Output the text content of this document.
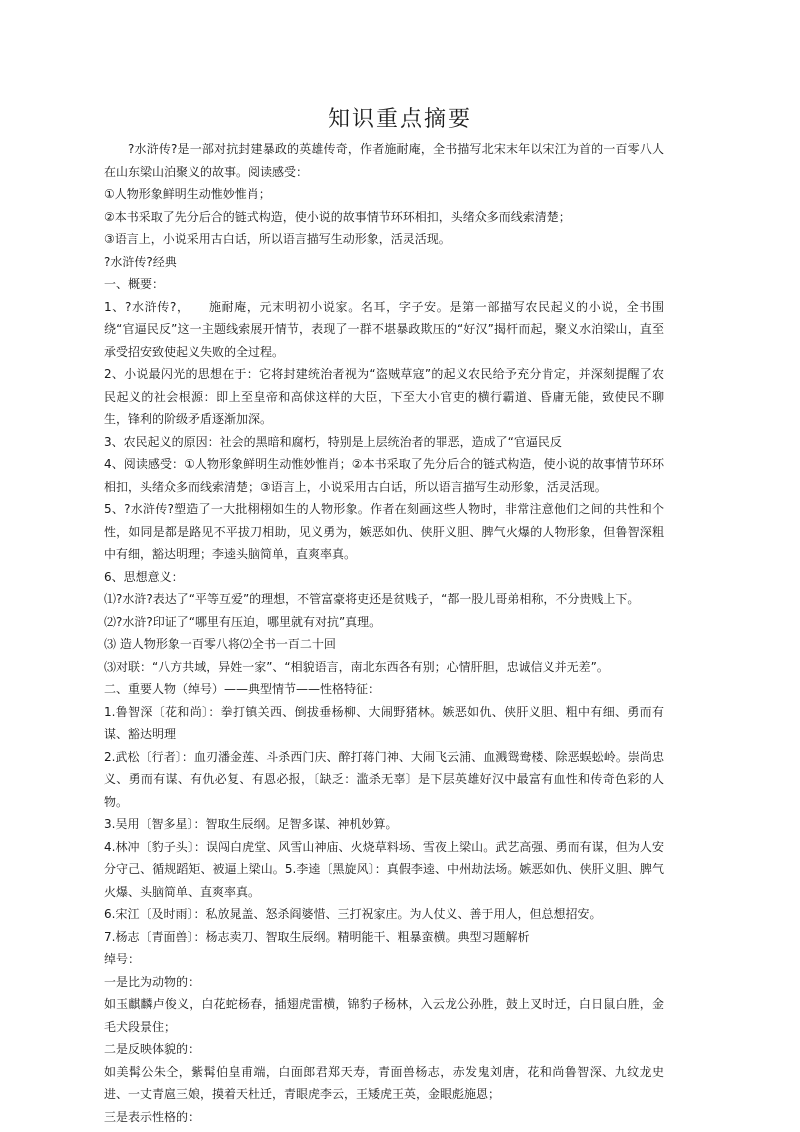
知识重点摘要

?水浒传?是一部对抗封建暴政的英雄传奇，作者施耐庵，全书描写北宋末年以宋江为首的一百零八人在山东梁山泊聚义的故事。阅读感受：

①人物形象鲜明生动惟妙惟肖；

②本书采取了先分后合的链式构造，使小说的故事情节环环相扣，头绪众多而线索清楚；

③语言上，小说采用古白话，所以语言描写生动形象，活灵活现。

?水浒传?经典

一、概要：

1、?水浒传?，　　施耐庵，元末明初小说家。名耳，字子安。是第一部描写农民起义的小说，全书围绕“官逼民反”这一主题线索展开情节，表现了一群不堪暴政欺压的“好汉”揭杆而起，聚义水泊梁山，直至承受招安致使起义失败的全过程。

2、小说最闪光的思想在于：它将封建统治者视为“盗贼草寇”的起义农民给予充分肯定，并深刻提醒了农民起义的社会根源：即上至皇帝和高俅这样的大臣，下至大小官吏的横行霸道、昏庸无能，致使民不聊生，锋利的阶级矛盾逐渐加深。

3、农民起义的原因：社会的黑暗和腐朽，特别是上层统治者的罪恶，造成了“官逼民反

4、阅读感受：①人物形象鲜明生动惟妙惟肖；②本书采取了先分后合的链式构造，使小说的故事情节环环相扣，头绪众多而线索清楚；③语言上，小说采用古白话，所以语言描写生动形象，活灵活现。

5、?水浒传?塑造了一大批栩栩如生的人物形象。作者在刻画这些人物时，非常注意他们之间的共性和个性，如同是都是路见不平拔刀相助，见义勇为，嫉恶如仇、侠肝义胆、脾气火爆的人物形象，但鲁智深粗中有细，豁达明理；李逵头脑简单，直爽率真。

6、思想意义：

⑴?水浒?表达了“平等互爱”的理想，不管富豪将吏还是贫贱子，“都一股儿哥弟相称，不分贵贱上下。

⑵?水浒?印证了“哪里有压迫，哪里就有对抗”真理。

⑶ 造人物形象一百零八将⑵全书一百二十回

⑶对联：“八方共域，异姓一家”、“相貌语言，南北东西各有别；心情肝胆，忠诚信义并无差”。

二、重要人物（绰号）——典型情节——性格特征：

1.鲁智深〔花和尚〕：拳打镇关西、倒拔垂杨柳、大闹野猪林。嫉恶如仇、侠肝义胆、粗中有细、勇而有谋、豁达明理

2.武松〔行者〕：血刃潘金莲、斗杀西门庆、醉打蒋门神、大闹飞云浦、血溅鸳鸯楼、除恶蜈蚣岭。崇尚忠义、勇而有谋、有仇必复、有恩必报，〔缺乏：滥杀无辜〕是下层英雄好汉中最富有血性和传奇色彩的人物。

3.吴用〔智多星〕：智取生辰纲。足智多谋、神机妙算。

4.林冲〔豹子头〕：误闯白虎堂、风雪山神庙、火烧草料场、雪夜上梁山。武艺高强、勇而有谋，但为人安分守己、循规蹈矩、被逼上梁山。5.李逵〔黑旋风〕：真假李逵、中州劫法场。嫉恶如仇、侠肝义胆、脾气火爆、头脑简单、直爽率真。

6.宋江〔及时雨〕：私放晁盖、怒杀阎婆惜、三打祝家庄。为人仗义、善于用人，但总想招安。

7.杨志〔青面兽〕：杨志卖刀、智取生辰纲。精明能干、粗暴蛮横。典型习题解析

绰号：

一是比为动物的：

如玉麒麟卢俊义，白花蛇杨春，插翅虎雷横，锦豹子杨林，入云龙公孙胜，鼓上叉时迁，白日鼠白胜，金毛犬段景住；

二是反映体貌的：

如美髯公朱仝，紫髯伯皇甫端，白面郎君郑天寿，青面兽杨志，赤发鬼刘唐，花和尚鲁智深、九纹龙史进、一丈青扈三娘，摸着天杜迁，青眼虎李云，王矮虎王英，金眼彪施恩；

三是表示性格的：
